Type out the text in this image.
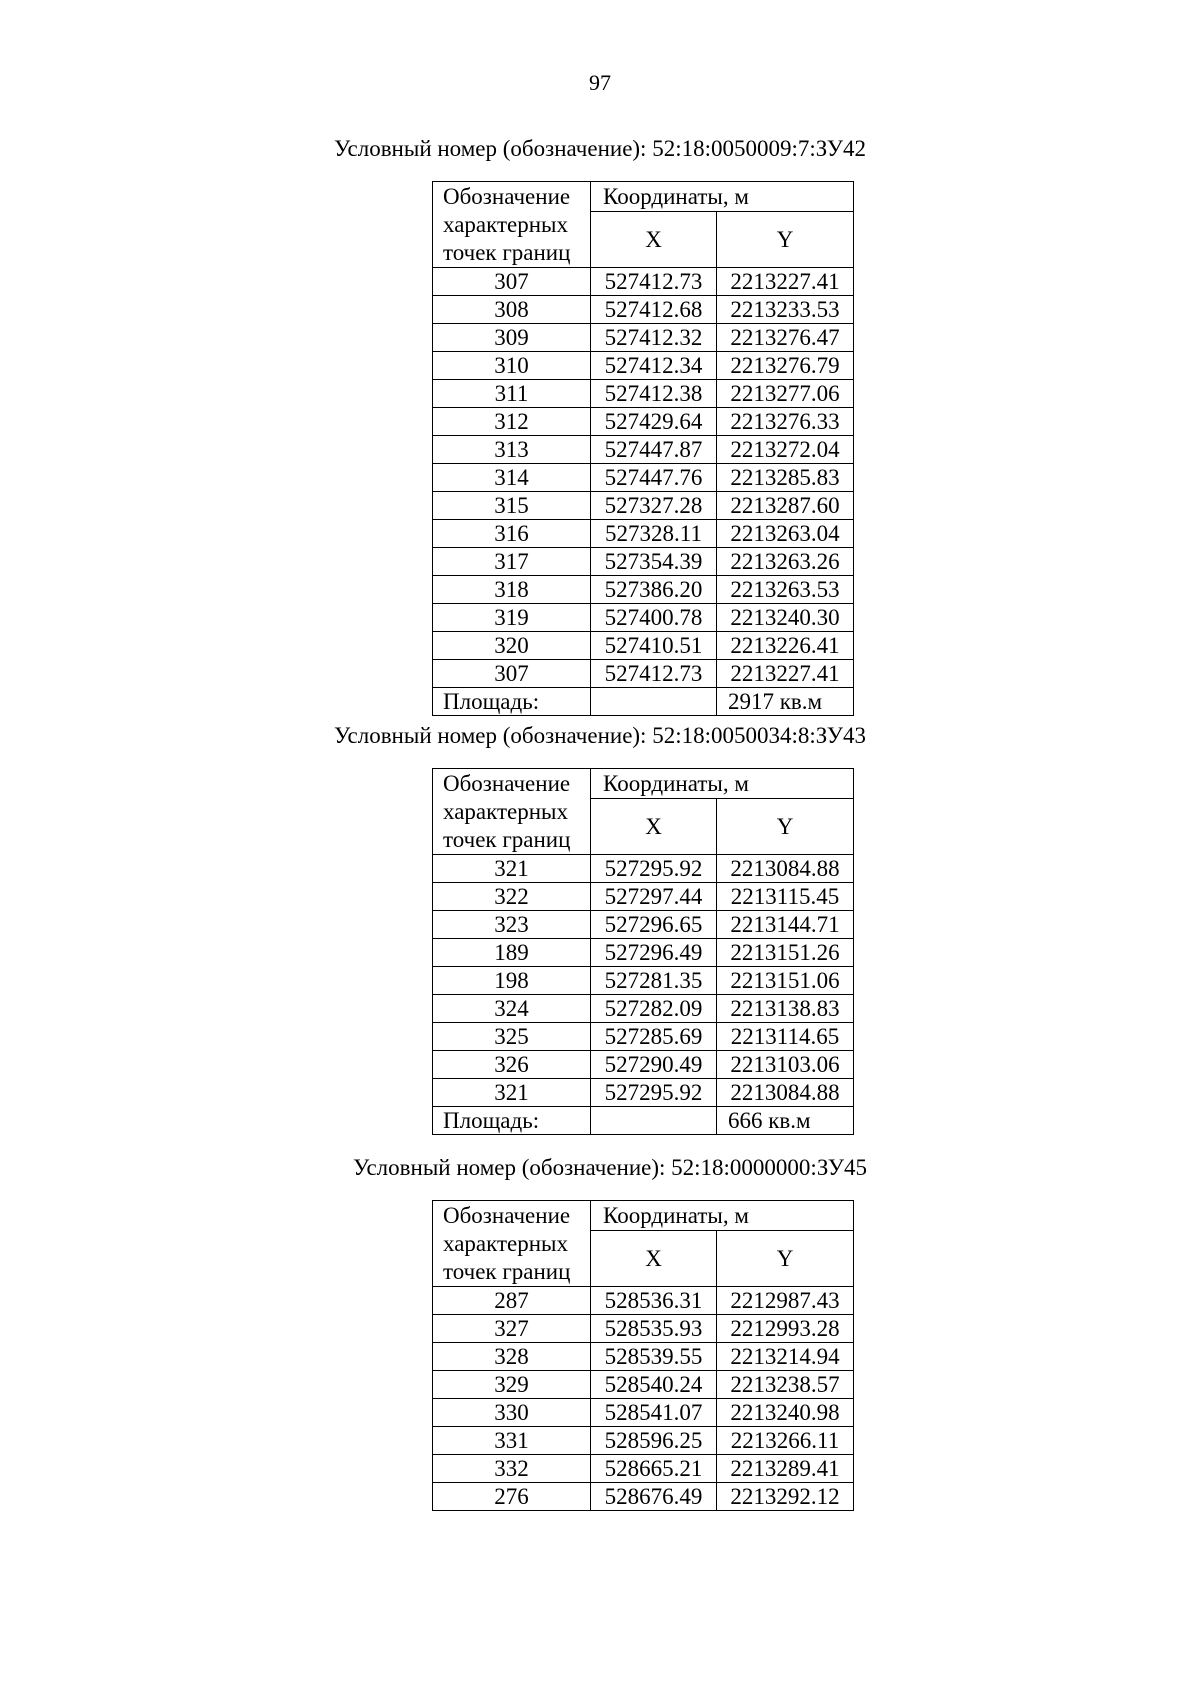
97
Условный номер (обозначение): 52:18:0050009:7:ЗУ42
Обозначение характерных точек границ	Координаты, м	
	X	Y
307	527412.73	2213227.41
308	527412.68	2213233.53
309	527412.32	2213276.47
310	527412.34	2213276.79
311	527412.38	2213277.06
312	527429.64	2213276.33
313	527447.87	2213272.04
314	527447.76	2213285.83
315	527327.28	2213287.60
316	527328.11	2213263.04
317	527354.39	2213263.26
318	527386.20	2213263.53
319	527400.78	2213240.30
320	527410.51	2213226.41
307	527412.73	2213227.41
Площадь:		2917 кв.м
Условный номер (обозначение): 52:18:0050034:8:ЗУ43
Обозначение характерных точек границ	Координаты, м	
	X	Y
321	527295.92	2213084.88
322	527297.44	2213115.45
323	527296.65	2213144.71
189	527296.49	2213151.26
198	527281.35	2213151.06
324	527282.09	2213138.83
325	527285.69	2213114.65
326	527290.49	2213103.06
321	527295.92	2213084.88
Площадь:		666 кв.м
Условный номер (обозначение): 52:18:0000000:ЗУ45
Обозначение характерных точек границ	Координаты, м	
	X	Y
287	528536.31	2212987.43
327	528535.93	2212993.28
328	528539.55	2213214.94
329	528540.24	2213238.57
330	528541.07	2213240.98
331	528596.25	2213266.11
332	528665.21	2213289.41
276	528676.49	2213292.12
